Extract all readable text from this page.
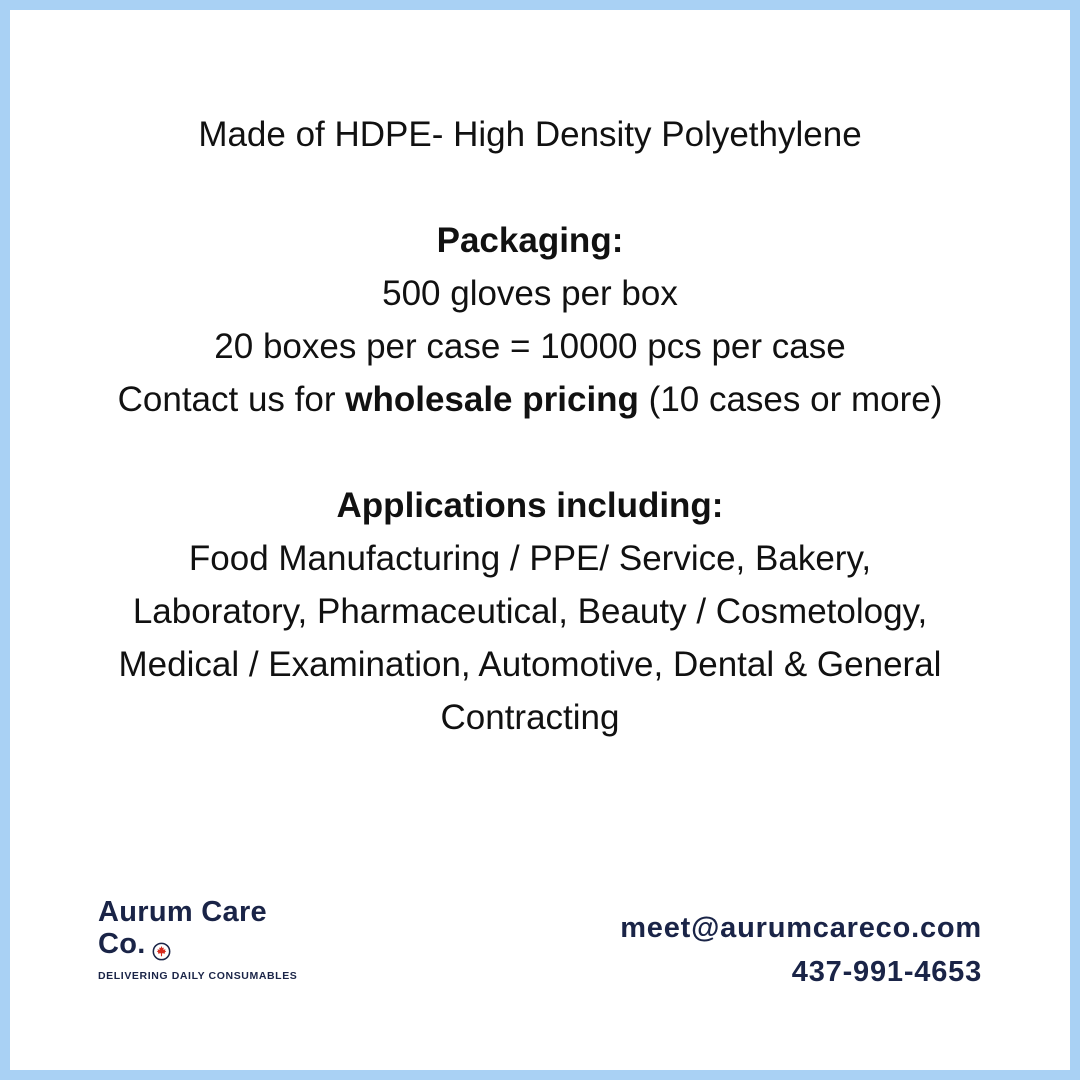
Made of HDPE- High Density Polyethylene

Packaging:

500 gloves per box

20 boxes per case = 10000 pcs per case

Contact us for wholesale pricing (10 cases or more)

Applications including:

Food Manufacturing / PPE/ Service, Bakery,

Laboratory, Pharmaceutical, Beauty / Cosmetology,

Medical / Examination, Automotive, Dental & General

Contracting

Aurum Care
Co.
DELIVERING DAILY CONSUMABLES
meet@aurumcareco.com
437-991-4653
